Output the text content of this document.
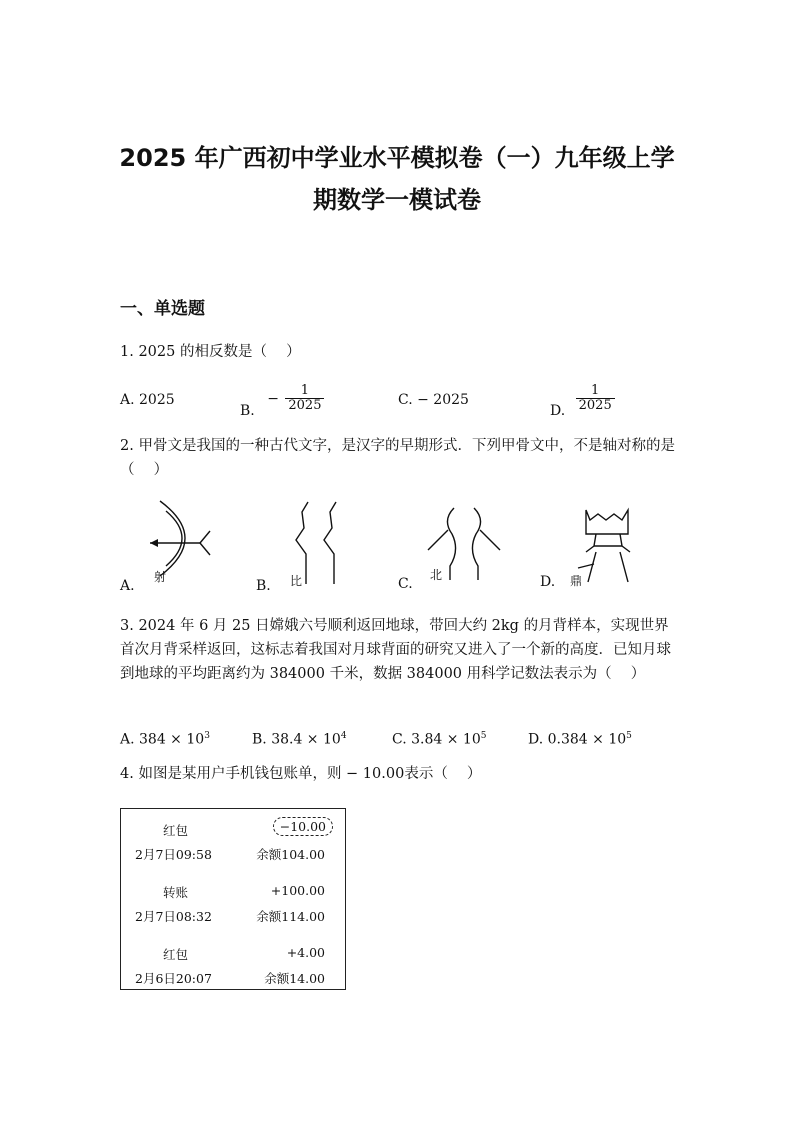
2025 年广西初中学业水平模拟卷（一）九年级上学
期数学一模试卷
一、单选题
1. 2025 的相反数是（　 ）
A. 2025
B. − $\frac{1}{2025}$	C. − 2025
D. $\frac{1}{2025}$
2. 甲骨文是我国的一种古代文字，是汉字的早期形式．下列甲骨文中，不是轴对称的是（　 ）
A.
射
B. 比	C.
北	D. 鼎
3. 2024 年 6 月 25 日嫦娥六号顺利返回地球，带回大约 2kg 的月背样本，实现世界首次月背采样返回，这标志着我国对月球背面的研究又进入了一个新的高度．已知月球到地球的平均距离约为 384000 千米，数据 384000 用科学记数法表示为（　 ）
A. $384 \times 10^3$	B. $38.4 \times 10^4$	C. $3.84 \times 10^5$	D. $0.384 \times 10^5$
4. 如图是某用户手机钱包账单，则 − 10.00表示（　 ）
红包	−10.00
2月7日09:58	余额104.00
转账	+100.00
2月7日08:32	余额114.00
红包	+4.00
2月6日20:07	余额14.00
